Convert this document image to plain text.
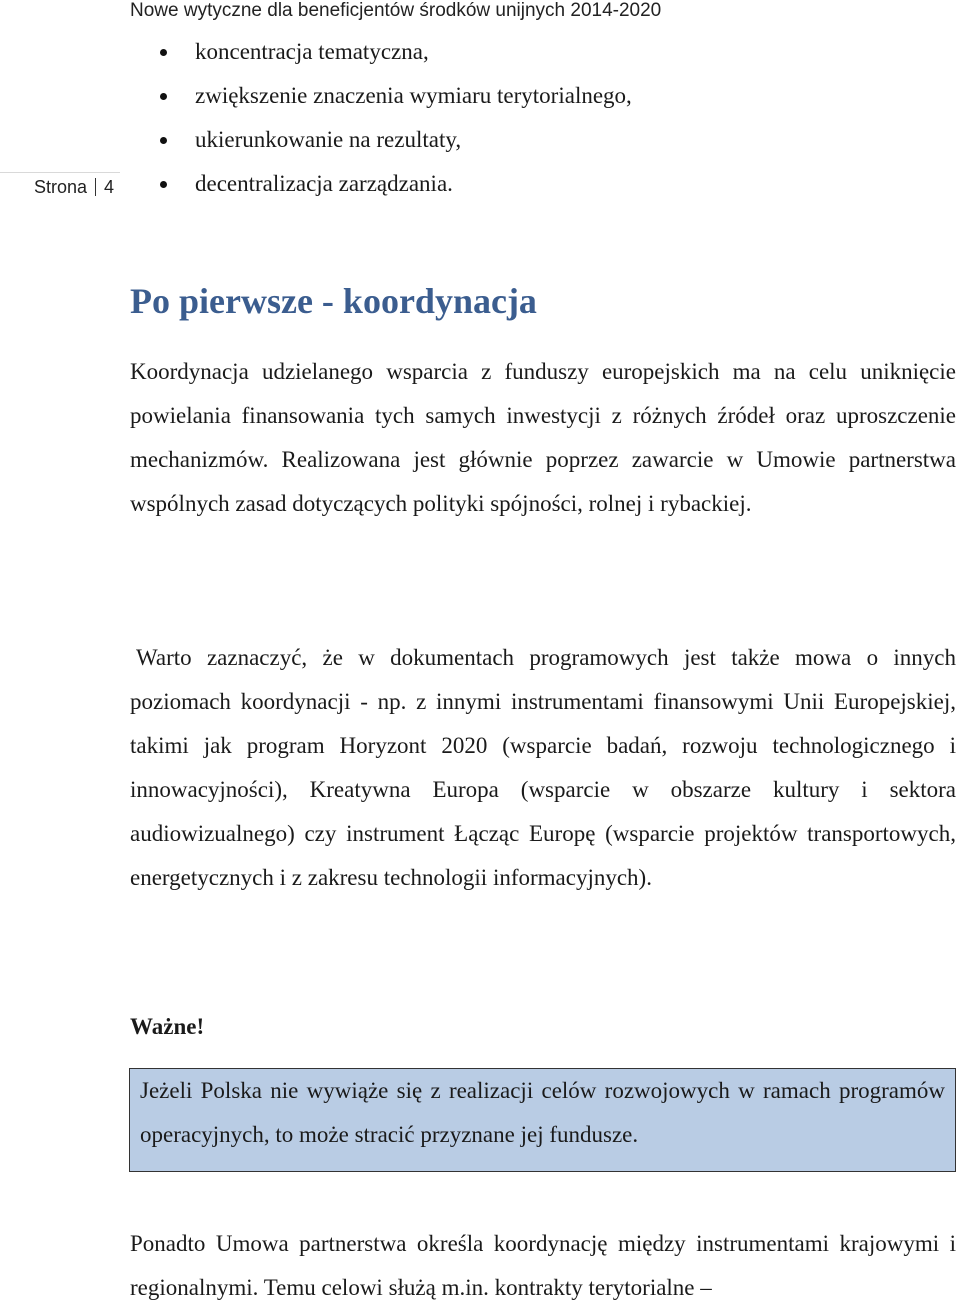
Nowe wytyczne dla beneficjentów środków unijnych 2014-2020
Strona 4
koncentracja tematyczna,
zwiększenie znaczenia wymiaru terytorialnego,
ukierunkowanie na rezultaty,
decentralizacja zarządzania.
Po pierwsze - koordynacja

Koordynacja udzielanego wsparcia z funduszy europejskich ma na celu uniknięcie powielania finansowania tych samych inwestycji z różnych źródeł oraz uproszczenie mechanizmów. Realizowana jest głównie poprzez zawarcie w Umowie partnerstwa wspólnych zasad dotyczących polityki spójności, rolnej i rybackiej.

Warto zaznaczyć, że w dokumentach programowych jest także mowa o innych poziomach koordynacji - np. z innymi instrumentami finansowymi Unii Europejskiej, takimi jak program Horyzont 2020 (wsparcie badań, rozwoju technologicznego i innowacyjności), Kreatywna Europa (wsparcie w obszarze kultury i sektora audiowizualnego) czy instrument Łącząc Europę (wsparcie projektów transportowych, energetycznych i z zakresu technologii informacyjnych).

Ważne!

Jeżeli Polska nie wywiąże się z realizacji celów rozwojowych w ramach programów operacyjnych, to może stracić przyznane jej fundusze.

Ponadto Umowa partnerstwa określa koordynację między instrumentami krajowymi i regionalnymi. Temu celowi służą m.in. kontrakty terytorialne –
